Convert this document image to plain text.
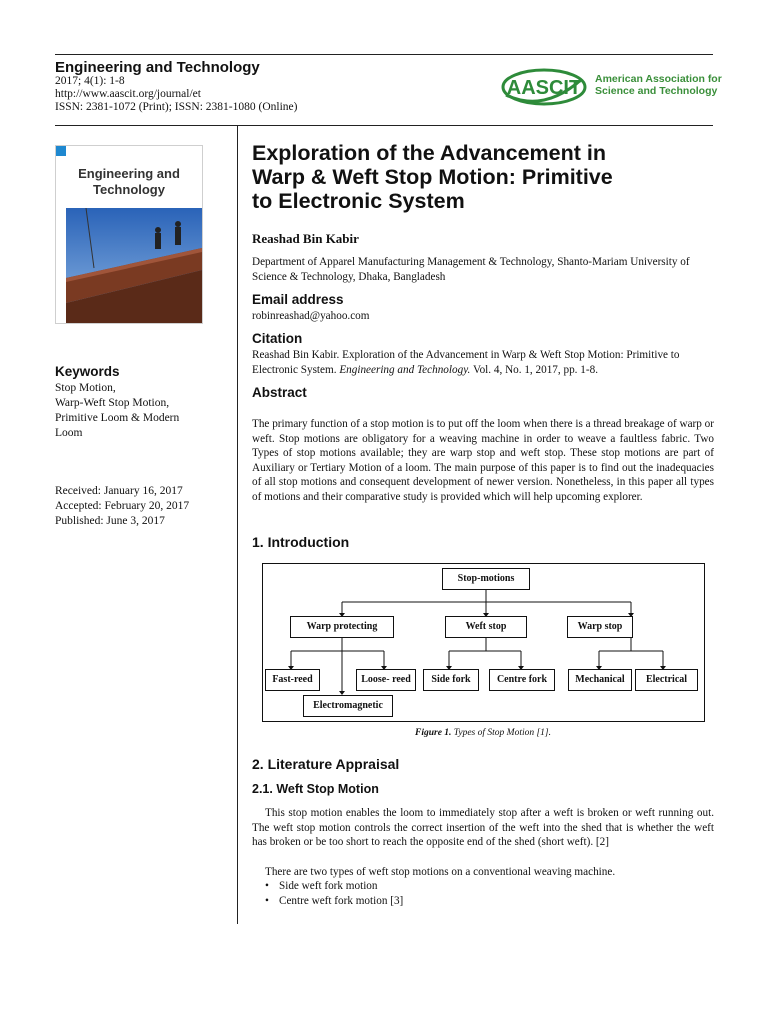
Engineering and Technology
2017; 4(1): 1-8
http://www.aascit.org/journal/et
ISSN: 2381-1072 (Print); ISSN: 2381-1080 (Online)
AASCIT American Association for
Science and Technology
Engineering and
Technology
Keywords
Stop Motion,
Warp-Weft Stop Motion,
Primitive Loom & Modern
Loom
Received: January 16, 2017
Accepted: February 20, 2017
Published: June 3, 2017
Exploration of the Advancement in
Warp & Weft Stop Motion: Primitive
to Electronic System
Reashad Bin Kabir
Department of Apparel Manufacturing Management & Technology, Shanto-Mariam University of Science & Technology, Dhaka, Bangladesh
Email address
robinreashad@yahoo.com
Citation
Reashad Bin Kabir. Exploration of the Advancement in Warp & Weft Stop Motion: Primitive to Electronic System. Engineering and Technology. Vol. 4, No. 1, 2017, pp. 1-8.
Abstract
The primary function of a stop motion is to put off the loom when there is a thread breakage of warp or weft. Stop motions are obligatory for a weaving machine in order to weave a faultless fabric. Two Types of stop motions available; they are warp stop and weft stop. These stop motions are part of Auxiliary or Tertiary Motion of a loom. The main purpose of this paper is to find out the inadequacies of all stop motions and consequent development of newer version. Nonetheless, in this paper all types of motions and their comparative study is provided which will help upcoming explorer.
1. Introduction
Stop-motions
Warp protecting	Weft stop	Warp stop
Fast-reed	Loose- reed
Electromagnetic
Side fork	Centre fork	Mechanical	Electrical
Figure 1. Types of Stop Motion [1].
2. Literature Appraisal
2.1. Weft Stop Motion
This stop motion enables the loom to immediately stop after a weft is broken or weft running out. The weft stop motion controls the correct insertion of the weft into the shed that is whether the weft has broken or be too short to reach the opposite end of the shed (short weft). [2]
There are two types of weft stop motions on a conventional weaving machine.
• Side weft fork motion
• Centre weft fork motion [3]
